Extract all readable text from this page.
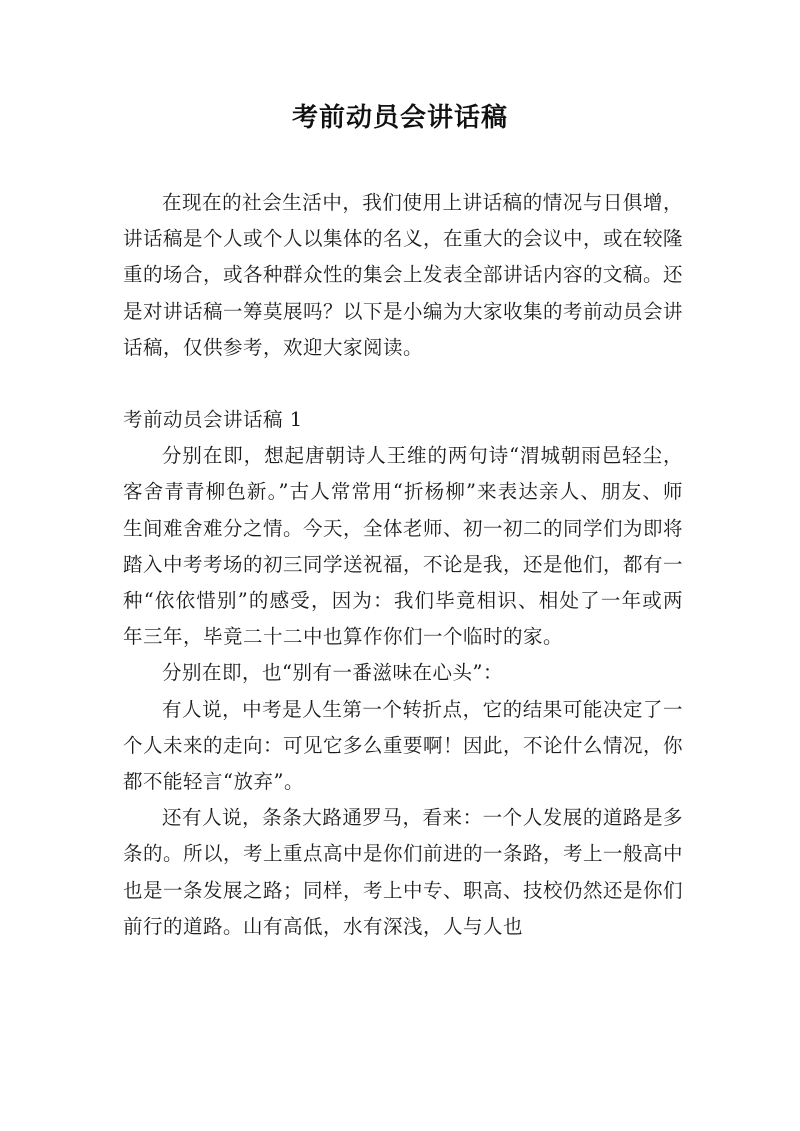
考前动员会讲话稿

在现在的社会生活中，我们使用上讲话稿的情况与日俱增，讲话稿是个人或个人以集体的名义，在重大的会议中，或在较隆重的场合，或各种群众性的集会上发表全部讲话内容的文稿。还是对讲话稿一筹莫展吗？以下是小编为大家收集的考前动员会讲话稿，仅供参考，欢迎大家阅读。

考前动员会讲话稿 1

分别在即，想起唐朝诗人王维的两句诗“渭城朝雨邑轻尘，客舍青青柳色新。”古人常常用“折杨柳”来表达亲人、朋友、师生间难舍难分之情。今天，全体老师、初一初二的同学们为即将踏入中考考场的初三同学送祝福，不论是我，还是他们，都有一种“依依惜别”的感受，因为：我们毕竟相识、相处了一年或两年三年，毕竟二十二中也算作你们一个临时的家。

分别在即，也“别有一番滋味在心头”：

有人说，中考是人生第一个转折点，它的结果可能决定了一个人未来的走向：可见它多么重要啊！因此，不论什么情况，你都不能轻言“放弃”。

还有人说，条条大路通罗马，看来：一个人发展的道路是多条的。所以，考上重点高中是你们前进的一条路，考上一般高中也是一条发展之路；同样，考上中专、职高、技校仍然还是你们前行的道路。山有高低，水有深浅，人与人也
